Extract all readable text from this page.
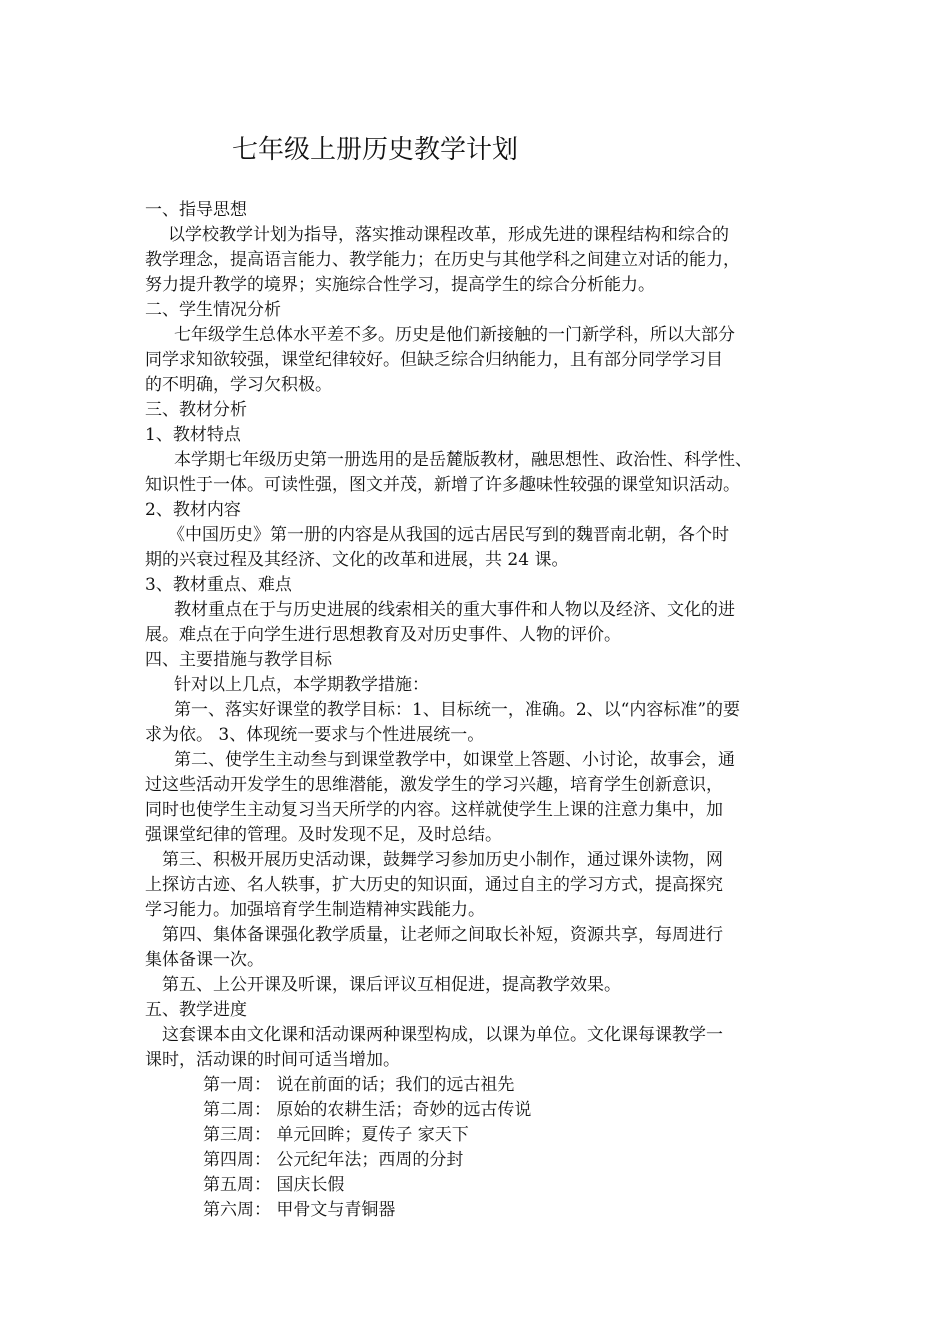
七年级上册历史教学计划
一、指导思想
以学校教学计划为指导，落实推动课程改革，形成先进的课程结构和综合的
教学理念，提高语言能力、教学能力；在历史与其他学科之间建立对话的能力，
努力提升教学的境界；实施综合性学习，提高学生的综合分析能力。
二、学生情况分析
七年级学生总体水平差不多。历史是他们新接触的一门新学科，所以大部分
同学求知欲较强，课堂纪律较好。但缺乏综合归纳能力，且有部分同学学习目
的不明确，学习欠积极。
三、教材分析
1、教材特点
本学期七年级历史第一册选用的是岳麓版教材，融思想性、政治性、科学性、
知识性于一体。可读性强，图文并茂，新增了许多趣味性较强的课堂知识活动。
2、教材内容
《中国历史》第一册的内容是从我国的远古居民写到的魏晋南北朝，各个时
期的兴衰过程及其经济、文化的改革和进展，共 24 课。
3、教材重点、难点
教材重点在于与历史进展的线索相关的重大事件和人物以及经济、文化的进
展。难点在于向学生进行思想教育及对历史事件、人物的评价。
四、主要措施与教学目标
针对以上几点，本学期教学措施：
第一、落实好课堂的教学目标：1、目标统一，准确。2、以“内容标准”的要
求为依。 3、体现统一要求与个性进展统一。
第二、使学生主动叁与到课堂教学中，如课堂上答题、小讨论，故事会，通
过这些活动开发学生的思维潜能，激发学生的学习兴趣，培育学生创新意识，
同时也使学生主动复习当天所学的内容。这样就使学生上课的注意力集中，加
强课堂纪律的管理。及时发现不足，及时总结。
第三、积极开展历史活动课，鼓舞学习参加历史小制作，通过课外读物，网
上探访古迹、名人轶事，扩大历史的知识面，通过自主的学习方式，提高探究
学习能力。加强培育学生制造精神实践能力。
第四、集体备课强化教学质量，让老师之间取长补短，资源共享，每周进行
集体备课一次。
第五、上公开课及听课，课后评议互相促进，提高教学效果。
五、教学进度
这套课本由文化课和活动课两种课型构成，以课为单位。文化课每课教学一
课时，活动课的时间可适当增加。
第一周： 说在前面的话；我们的远古祖先
第二周： 原始的农耕生活；奇妙的远古传说
第三周： 单元回眸；夏传子 家天下
第四周： 公元纪年法；西周的分封
第五周： 国庆长假
第六周： 甲骨文与青铜器
